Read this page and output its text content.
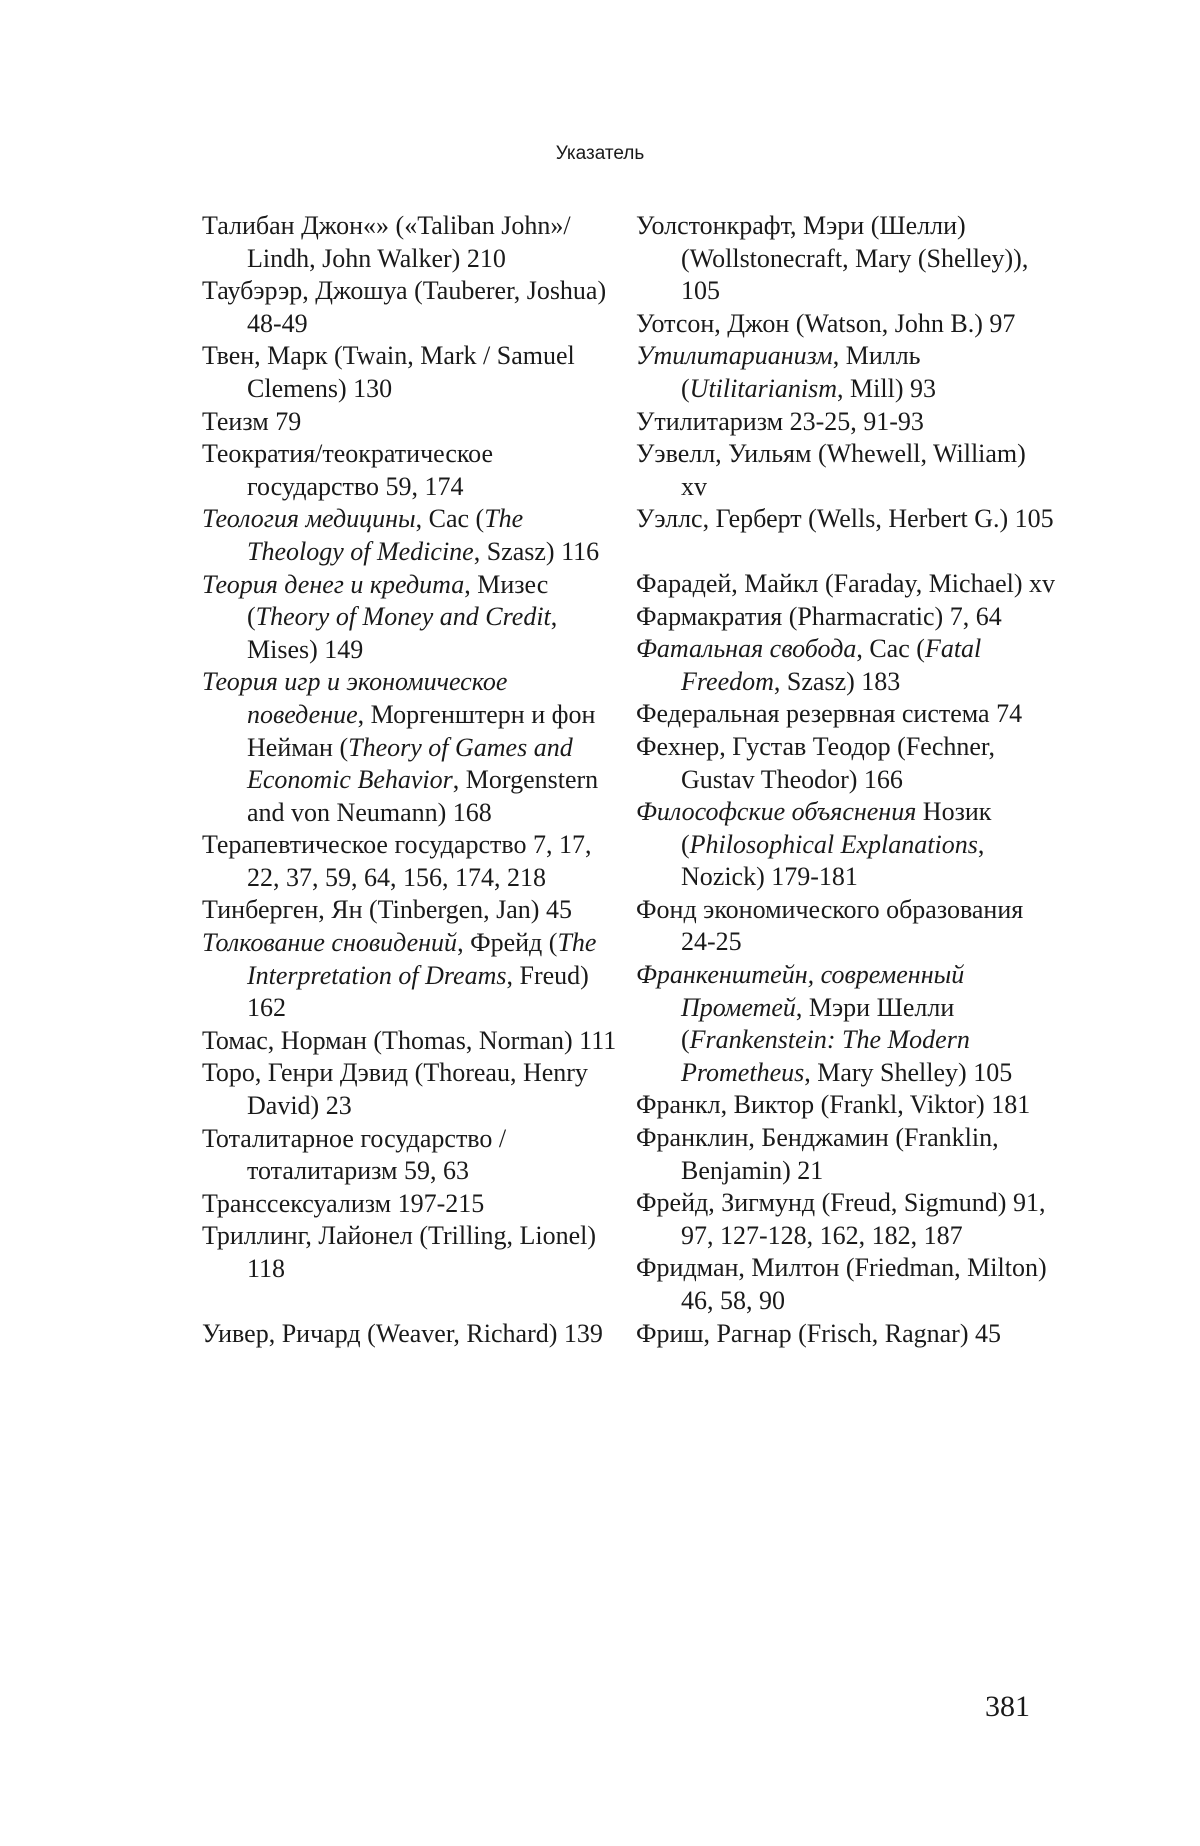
Указатель
Талибан Джон«» («Taliban John»/ Lindh, John Walker) 210
Таубэрэр, Джошуа (Tauberer, Joshua) 48-49
Твен, Марк (Twain, Mark / Samuel Clemens) 130
Теизм 79
Теократия/теократическое государство 59, 174
Теология медицины, Сас (The Theology of Medicine, Szasz) 116
Теория денег и кредита, Мизес (Theory of Money and Credit, Mises) 149
Теория игр и экономическое поведение, Моргенштерн и фон Нейман (Theory of Games and Economic Behavior, Morgenstern and von Neumann) 168
Терапевтическое государство 7, 17, 22, 37, 59, 64, 156, 174, 218
Тинберген, Ян (Tinbergen, Jan) 45
Толкование сновидений, Фрейд (The Interpretation of Dreams, Freud) 162
Томас, Норман (Thomas, Norman) 111
Торо, Генри Дэвид (Thoreau, Henry David) 23
Тоталитарное государство / тоталитаризм 59, 63
Транссексуализм 197-215
Триллинг, Лайонел (Trilling, Lionel) 118
Уивер, Ричард (Weaver, Richard) 139
Уолстонкрафт, Мэри (Шелли) (Wollstonecraft, Mary (Shelley)), 105
Уотсон, Джон (Watson, John B.) 97
Утилитарианизм, Милль (Utilitarianism, Mill) 93
Утилитаризм 23-25, 91-93
Уэвелл, Уильям (Whewell, William) xv
Уэллс, Герберт (Wells, Herbert G.) 105
Фарадей, Майкл (Faraday, Michael) xv
Фармакратия (Pharmacratic) 7, 64
Фатальная свобода, Сас (Fatal Freedom, Szasz) 183
Федеральная резервная система 74
Фехнер, Густав Теодор (Fechner, Gustav Theodor) 166
Философские объяснения Нозик (Philosophical Explanations, Nozick) 179-181
Фонд экономического образования 24-25
Франкенштейн, современный Прометей, Мэри Шелли (Frankenstein: The Modern Prometheus, Mary Shelley) 105
Франкл, Виктор (Frankl, Viktor) 181
Франклин, Бенджамин (Franklin, Benjamin) 21
Фрейд, Зигмунд (Freud, Sigmund) 91, 97, 127-128, 162, 182, 187
Фридман, Милтон (Friedman, Milton) 46, 58, 90
Фриш, Рагнар (Frisch, Ragnar) 45
381
